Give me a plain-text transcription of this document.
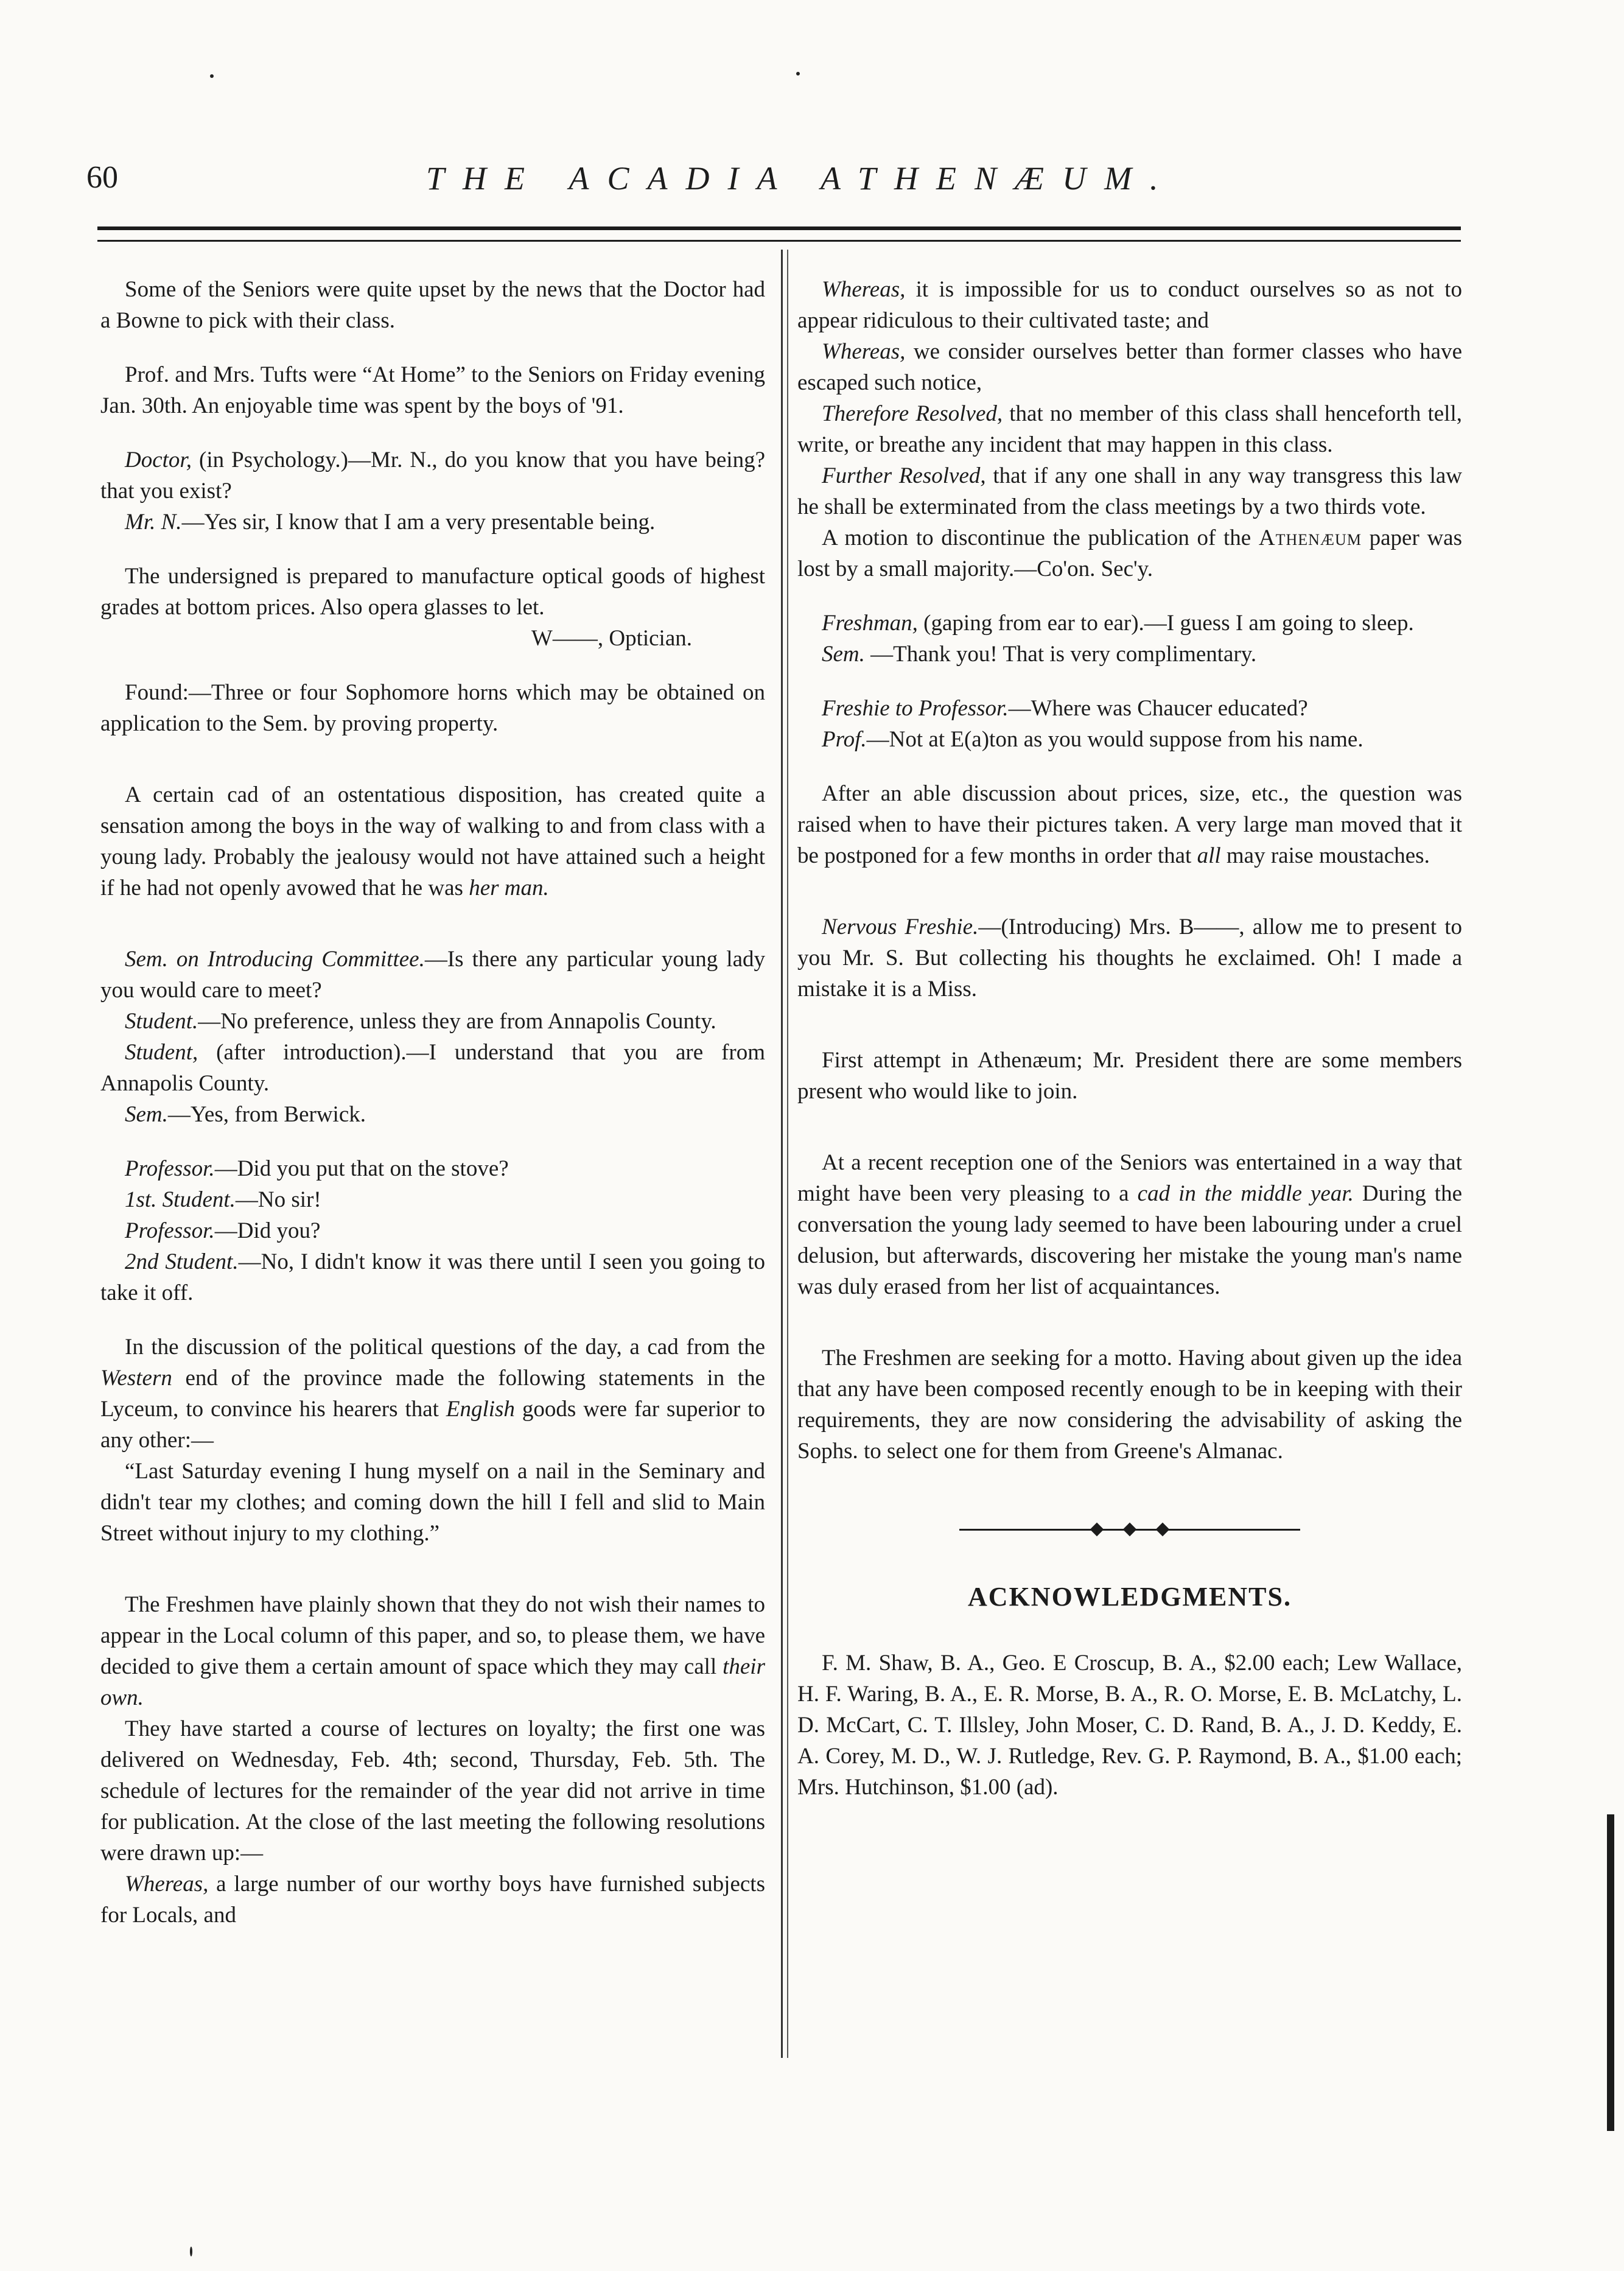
60	THE ACADIA ATHENÆUM.

Some of the Seniors were quite upset by the news that the Doctor had a Bowne to pick with their class.

Prof. and Mrs. Tufts were “At Home” to the Seniors on Friday evening Jan. 30th. An enjoyable time was spent by the boys of '91.

Doctor, (in Psychology.)—Mr. N., do you know that you have being? that you exist?

Mr. N.—Yes sir, I know that I am a very presentable being.

The undersigned is prepared to manufacture optical goods of highest grades at bottom prices. Also opera glasses to let.

W——, Optician.

Found:—Three or four Sophomore horns which may be obtained on application to the Sem. by proving property.

A certain cad of an ostentatious disposition, has created quite a sensation among the boys in the way of walking to and from class with a young lady. Probably the jealousy would not have attained such a height if he had not openly avowed that he was her man.

Sem. on Introducing Committee.—Is there any particular young lady you would care to meet?

Student.—No preference, unless they are from Annapolis County.

Student, (after introduction).—I understand that you are from Annapolis County.

Sem.—Yes, from Berwick.

Professor.—Did you put that on the stove?

1st. Student.—No sir!

Professor.—Did you?

2nd Student.—No, I didn't know it was there until I seen you going to take it off.

In the discussion of the political questions of the day, a cad from the Western end of the province made the following statements in the Lyceum, to convince his hearers that English goods were far superior to any other:—

“Last Saturday evening I hung myself on a nail in the Seminary and didn't tear my clothes; and coming down the hill I fell and slid to Main Street without injury to my clothing.”

The Freshmen have plainly shown that they do not wish their names to appear in the Local column of this paper, and so, to please them, we have decided to give them a certain amount of space which they may call their own.

They have started a course of lectures on loyalty; the first one was delivered on Wednesday, Feb. 4th; second, Thursday, Feb. 5th. The schedule of lectures for the remainder of the year did not arrive in time for publication. At the close of the last meeting the following resolutions were drawn up:—

Whereas, a large number of our worthy boys have furnished subjects for Locals, and

Whereas, it is impossible for us to conduct ourselves so as not to appear ridiculous to their cultivated taste; and

Whereas, we consider ourselves better than former classes who have escaped such notice,

Therefore Resolved, that no member of this class shall henceforth tell, write, or breathe any incident that may happen in this class.

Further Resolved, that if any one shall in any way transgress this law he shall be exterminated from the class meetings by a two thirds vote.

A motion to discontinue the publication of the Athenæum paper was lost by a small majority.—Co'on. Sec'y.

Freshman, (gaping from ear to ear).—I guess I am going to sleep.

Sem. —Thank you! That is very complimentary.

Freshie to Professor.—Where was Chaucer educated?

Prof.—Not at E(a)ton as you would suppose from his name.

After an able discussion about prices, size, etc., the question was raised when to have their pictures taken. A very large man moved that it be postponed for a few months in order that all may raise moustaches.

Nervous Freshie.—(Introducing) Mrs. B——, allow me to present to you Mr. S. But collecting his thoughts he exclaimed. Oh! I made a mistake it is a Miss.

First attempt in Athenæum; Mr. President there are some members present who would like to join.

At a recent reception one of the Seniors was entertained in a way that might have been very pleasing to a cad in the middle year. During the conversation the young lady seemed to have been labouring under a cruel delusion, but afterwards, discovering her mistake the young man's name was duly erased from her list of acquaintances.

The Freshmen are seeking for a motto. Having about given up the idea that any have been composed recently enough to be in keeping with their requirements, they are now considering the advisability of asking the Sophs. to select one for them from Greene's Almanac.

ACKNOWLEDGMENTS.

F. M. Shaw, B. A., Geo. E Croscup, B. A., $2.00 each; Lew Wallace, H. F. Waring, B. A., E. R. Morse, B. A., R. O. Morse, E. B. McLatchy, L. D. McCart, C. T. Illsley, John Moser, C. D. Rand, B. A., J. D. Keddy, E. A. Corey, M. D., W. J. Rutledge, Rev. G. P. Raymond, B. A., $1.00 each; Mrs. Hutchinson, $1.00 (ad).
